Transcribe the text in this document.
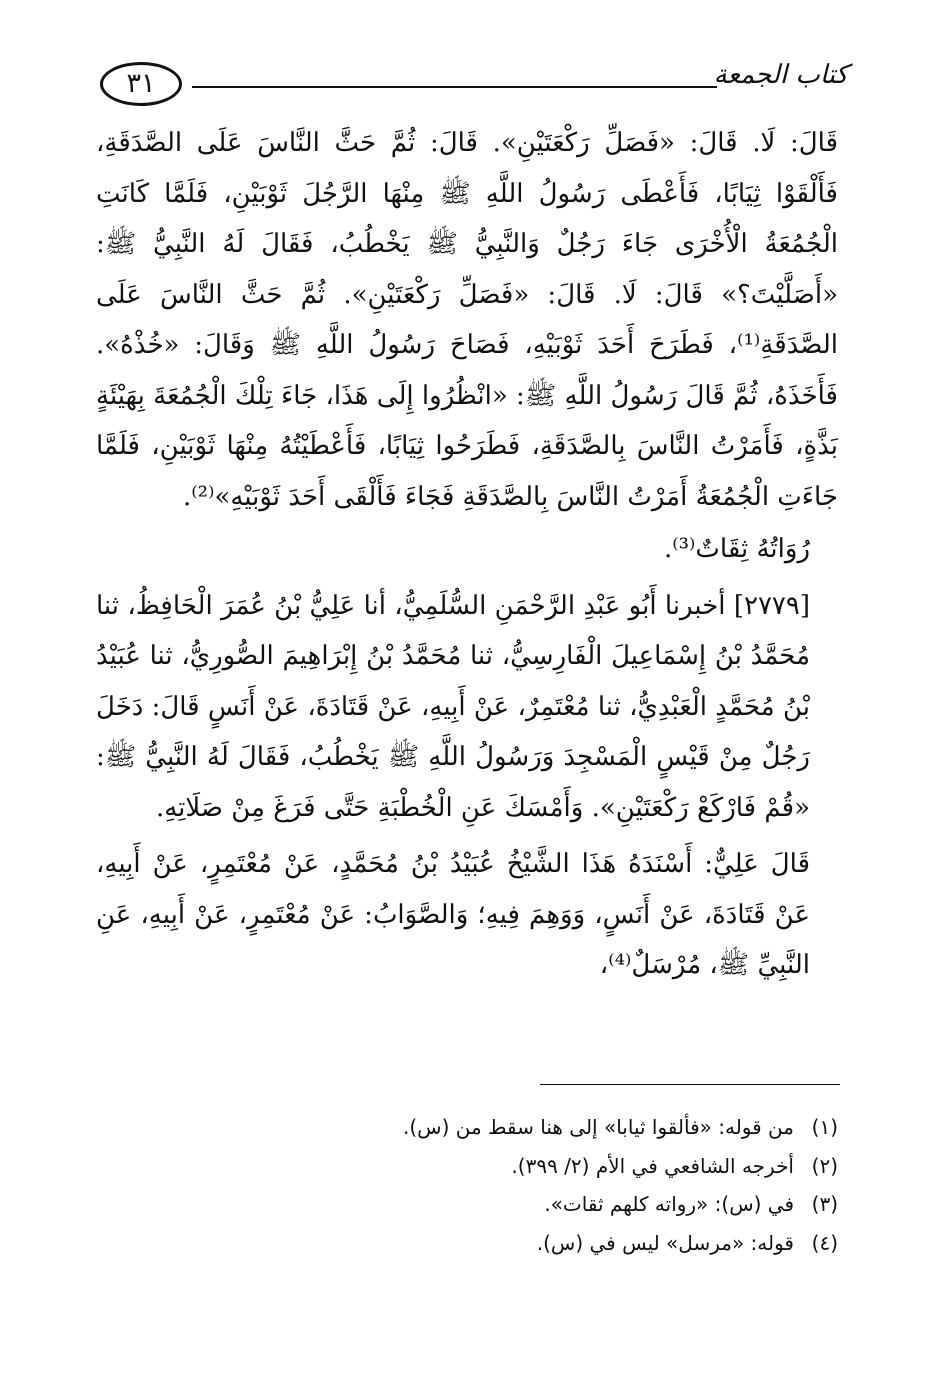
٣١	كتاب الجمعة

قَالَ: لَا. قَالَ: «فَصَلِّ رَكْعَتَيْنِ». قَالَ: ثُمَّ حَثَّ النَّاسَ عَلَى الصَّدَقَةِ، فَأَلْقَوْا ثِيَابًا، فَأَعْطَى رَسُولُ اللَّهِ ﷺ مِنْهَا الرَّجُلَ ثَوْبَيْنِ، فَلَمَّا كَانَتِ الْجُمُعَةُ الْأُخْرَى جَاءَ رَجُلٌ وَالنَّبِيُّ ﷺ يَخْطُبُ، فَقَالَ لَهُ النَّبِيُّ ﷺ: «أَصَلَّيْتَ؟» قَالَ: لَا. قَالَ: «فَصَلِّ رَكْعَتَيْنِ». ثُمَّ حَثَّ النَّاسَ عَلَى الصَّدَقَةِ⁽¹⁾، فَطَرَحَ أَحَدَ ثَوْبَيْهِ، فَصَاحَ رَسُولُ اللَّهِ ﷺ وَقَالَ: «خُذْهُ». فَأَخَذَهُ، ثُمَّ قَالَ رَسُولُ اللَّهِ ﷺ: «انْظُرُوا إِلَى هَذَا، جَاءَ تِلْكَ الْجُمُعَةَ بِهَيْئَةٍ بَذَّةٍ، فَأَمَرْتُ النَّاسَ بِالصَّدَقَةِ، فَطَرَحُوا ثِيَابًا، فَأَعْطَيْتُهُ مِنْهَا ثَوْبَيْنِ، فَلَمَّا جَاءَتِ الْجُمُعَةُ أَمَرْتُ النَّاسَ بِالصَّدَقَةِ فَجَاءَ فَأَلْقَى أَحَدَ ثَوْبَيْهِ»⁽²⁾.

رُوَاتُهُ ثِقَاتٌ⁽³⁾.

[٢٧٧٩] أخبرنا أَبُو عَبْدِ الرَّحْمَنِ السُّلَمِيُّ، أنا عَلِيُّ بْنُ عُمَرَ الْحَافِظُ، ثنا مُحَمَّدُ بْنُ إِسْمَاعِيلَ الْفَارِسِيُّ، ثنا مُحَمَّدُ بْنُ إِبْرَاهِيمَ الصُّورِيُّ، ثنا عُبَيْدُ بْنُ مُحَمَّدٍ الْعَبْدِيُّ، ثنا مُعْتَمِرٌ، عَنْ أَبِيهِ، عَنْ قَتَادَةَ، عَنْ أَنَسٍ قَالَ: دَخَلَ رَجُلٌ مِنْ قَيْسٍ الْمَسْجِدَ وَرَسُولُ اللَّهِ ﷺ يَخْطُبُ، فَقَالَ لَهُ النَّبِيُّ ﷺ: «قُمْ فَارْكَعْ رَكْعَتَيْنِ». وَأَمْسَكَ عَنِ الْخُطْبَةِ حَتَّى فَرَغَ مِنْ صَلَاتِهِ.

قَالَ عَلِيٌّ: أَسْنَدَهُ هَذَا الشَّيْخُ عُبَيْدُ بْنُ مُحَمَّدٍ، عَنْ مُعْتَمِرٍ، عَنْ أَبِيهِ، عَنْ قَتَادَةَ، عَنْ أَنَسٍ، وَوَهِمَ فِيهِ؛ وَالصَّوَابُ: عَنْ مُعْتَمِرٍ، عَنْ أَبِيهِ، عَنِ النَّبِيِّ ﷺ، مُرْسَلٌ⁽⁴⁾،

(١)
من قوله: «فألقوا ثيابا» إلى هنا سقط من (س).
(٢)
أخرجه الشافعي في الأم (٢/ ٣٩٩).
(٣)
في (س): «رواته كلهم ثقات».
(٤)
قوله: «مرسل» ليس في (س).
